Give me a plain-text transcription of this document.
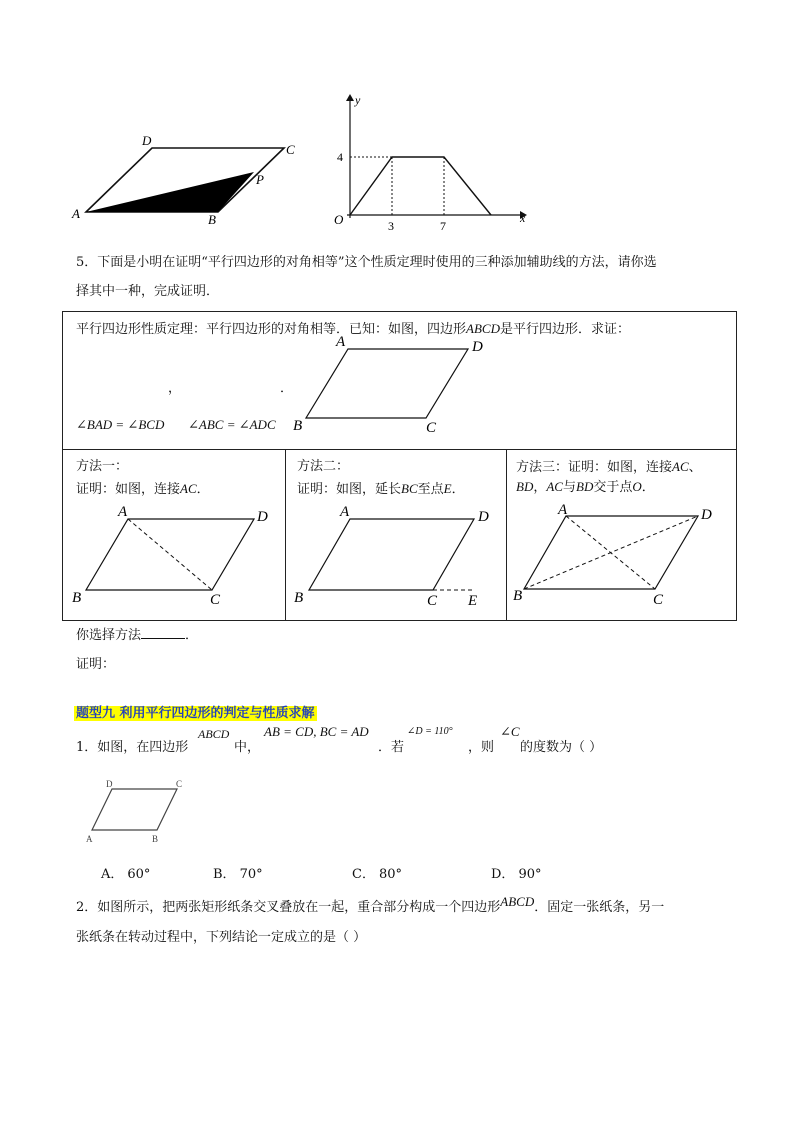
D
C
P
A	B
y
x
O
4
3	7
5．下面是小明在证明“平行四边形的对角相等”这个性质定理时使用的三种添加辅助线的方法，请你选
择其中一种，完成证明．
平行四边形性质定理：平行四边形的对角相等．已知：如图，四边形ABCD是平行四边形．求证：
，	．
∠BAD = ∠BCD ∠ABC = ∠ADC
A	D
B	C
方法一：
证明：如图，连接AC．
A	D
B	C
方法二：
证明：如图，延长BC至点E．
A	D
B	C E
方法三：证明：如图，连接AC、
BD，AC与BD交于点O．
A	D
B	C
你选择方法	．
证明：
题型九 利用平行四边形的判定与性质求解
1．如图，在四边形
ABCD
中，
AB = CD, BC = AD
．若
∠D = 110°
，则
∠C
的度数为（ ）
D	C
A	B
A． 60°	B． 70°	C． 80°	D． 90°
2．如图所示，把两张矩形纸条交叉叠放在一起，重合部分构成一个四边形ABCD．固定一张纸条，另一
张纸条在转动过程中，下列结论一定成立的是（ ）
